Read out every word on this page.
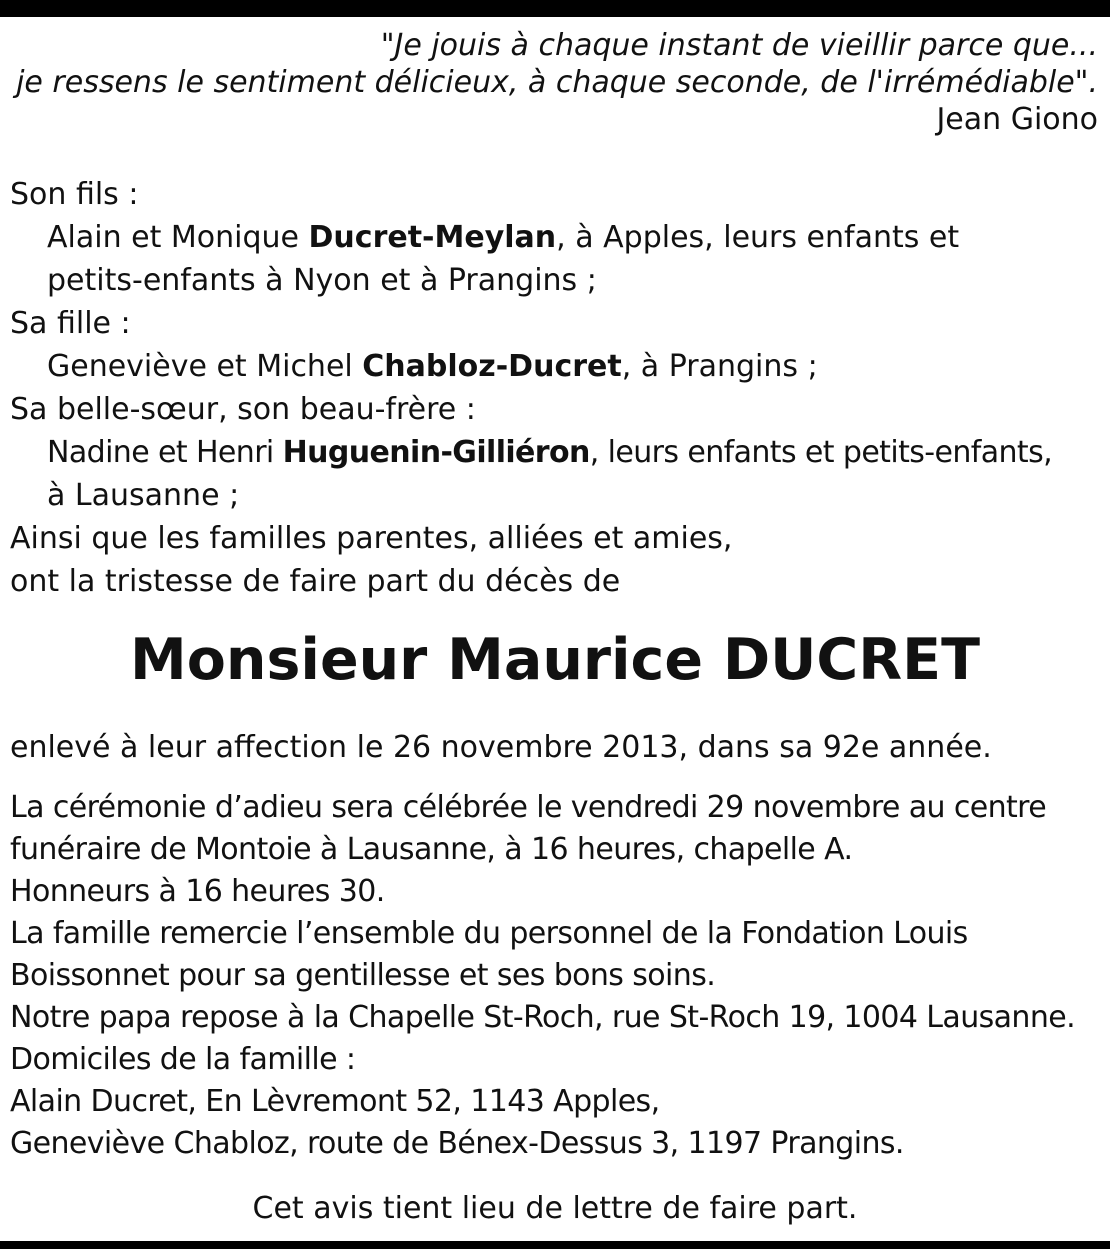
"Je jouis à chaque instant de vieillir parce que...
je ressens le sentiment délicieux, à chaque seconde, de l'irrémédiable".
Jean Giono
Son fils :
Alain et Monique Ducret-Meylan, à Apples, leurs enfants et
petits-enfants à Nyon et à Prangins ;
Sa fille :
Geneviève et Michel Chabloz-Ducret, à Prangins ;
Sa belle-sœur, son beau-frère :
Nadine et Henri Huguenin-Gilliéron, leurs enfants et petits-enfants,
à Lausanne ;
Ainsi que les familles parentes, alliées et amies,
ont la tristesse de faire part du décès de
Monsieur Maurice DUCRET
enlevé à leur affection le 26 novembre 2013, dans sa 92e année.
La cérémonie d’adieu sera célébrée le vendredi 29 novembre au centre
funéraire de Montoie à Lausanne, à 16 heures, chapelle A.
Honneurs à 16 heures 30.
La famille remercie l’ensemble du personnel de la Fondation Louis
Boissonnet pour sa gentillesse et ses bons soins.
Notre papa repose à la Chapelle St-Roch, rue St-Roch 19, 1004 Lausanne.
Domiciles de la famille :
Alain Ducret, En Lèvremont 52, 1143 Apples,
Geneviève Chabloz, route de Bénex-Dessus 3, 1197 Prangins.
Cet avis tient lieu de lettre de faire part.
